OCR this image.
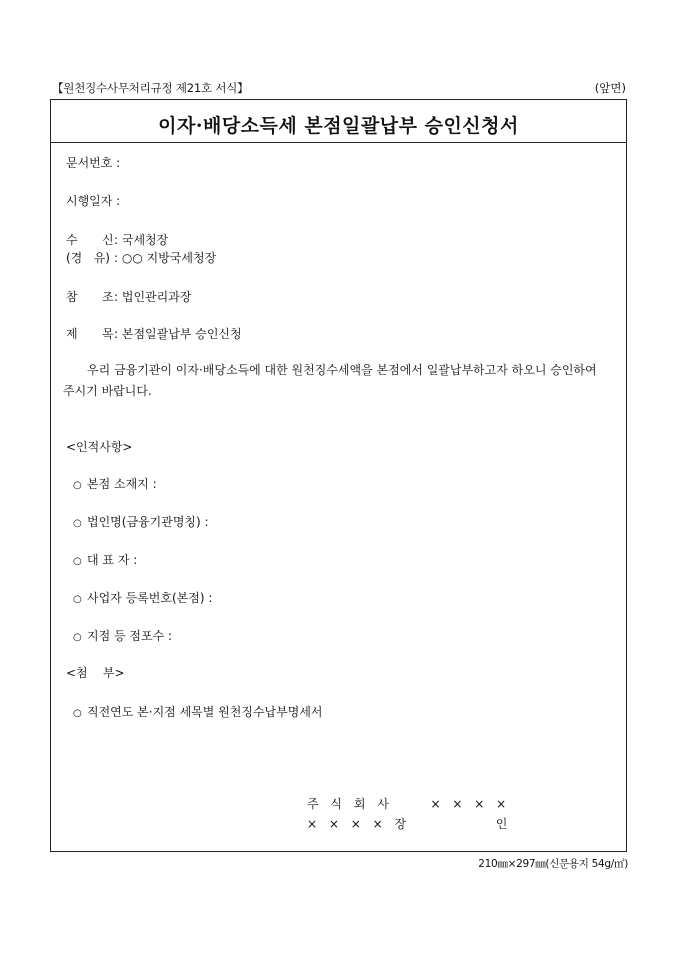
【원천징수사무처리규정 제21호 서식】	(앞면)
이자·배당소득세 본점일괄납부 승인신청서
문서번호 :
시행일자 :
수 신 : 국세청장
(경   유) : ○○ 지방국세청장
참 조 : 법인관리과장
제 목 : 본점일괄납부 승인신청
우리 금융기관이 이자·배당소득에 대한 원천징수세액을 본점에서 일괄납부하고자 하오니 승인하여 주시기 바랍니다.
<인적사항>
○ 본점 소재지 :
○ 법인명(금융기관명칭) :
○ 대 표 자 :
○ 사업자 등록번호(본점) :
○ 지점 등 점포수 :
<첨    부>
○ 직전연도 본·지점 세목별 원천징수납부명세서
주 식 회 사	× × × ×
× × × × 장	인
210㎜×297㎜(신문용지 54g/㎡)
